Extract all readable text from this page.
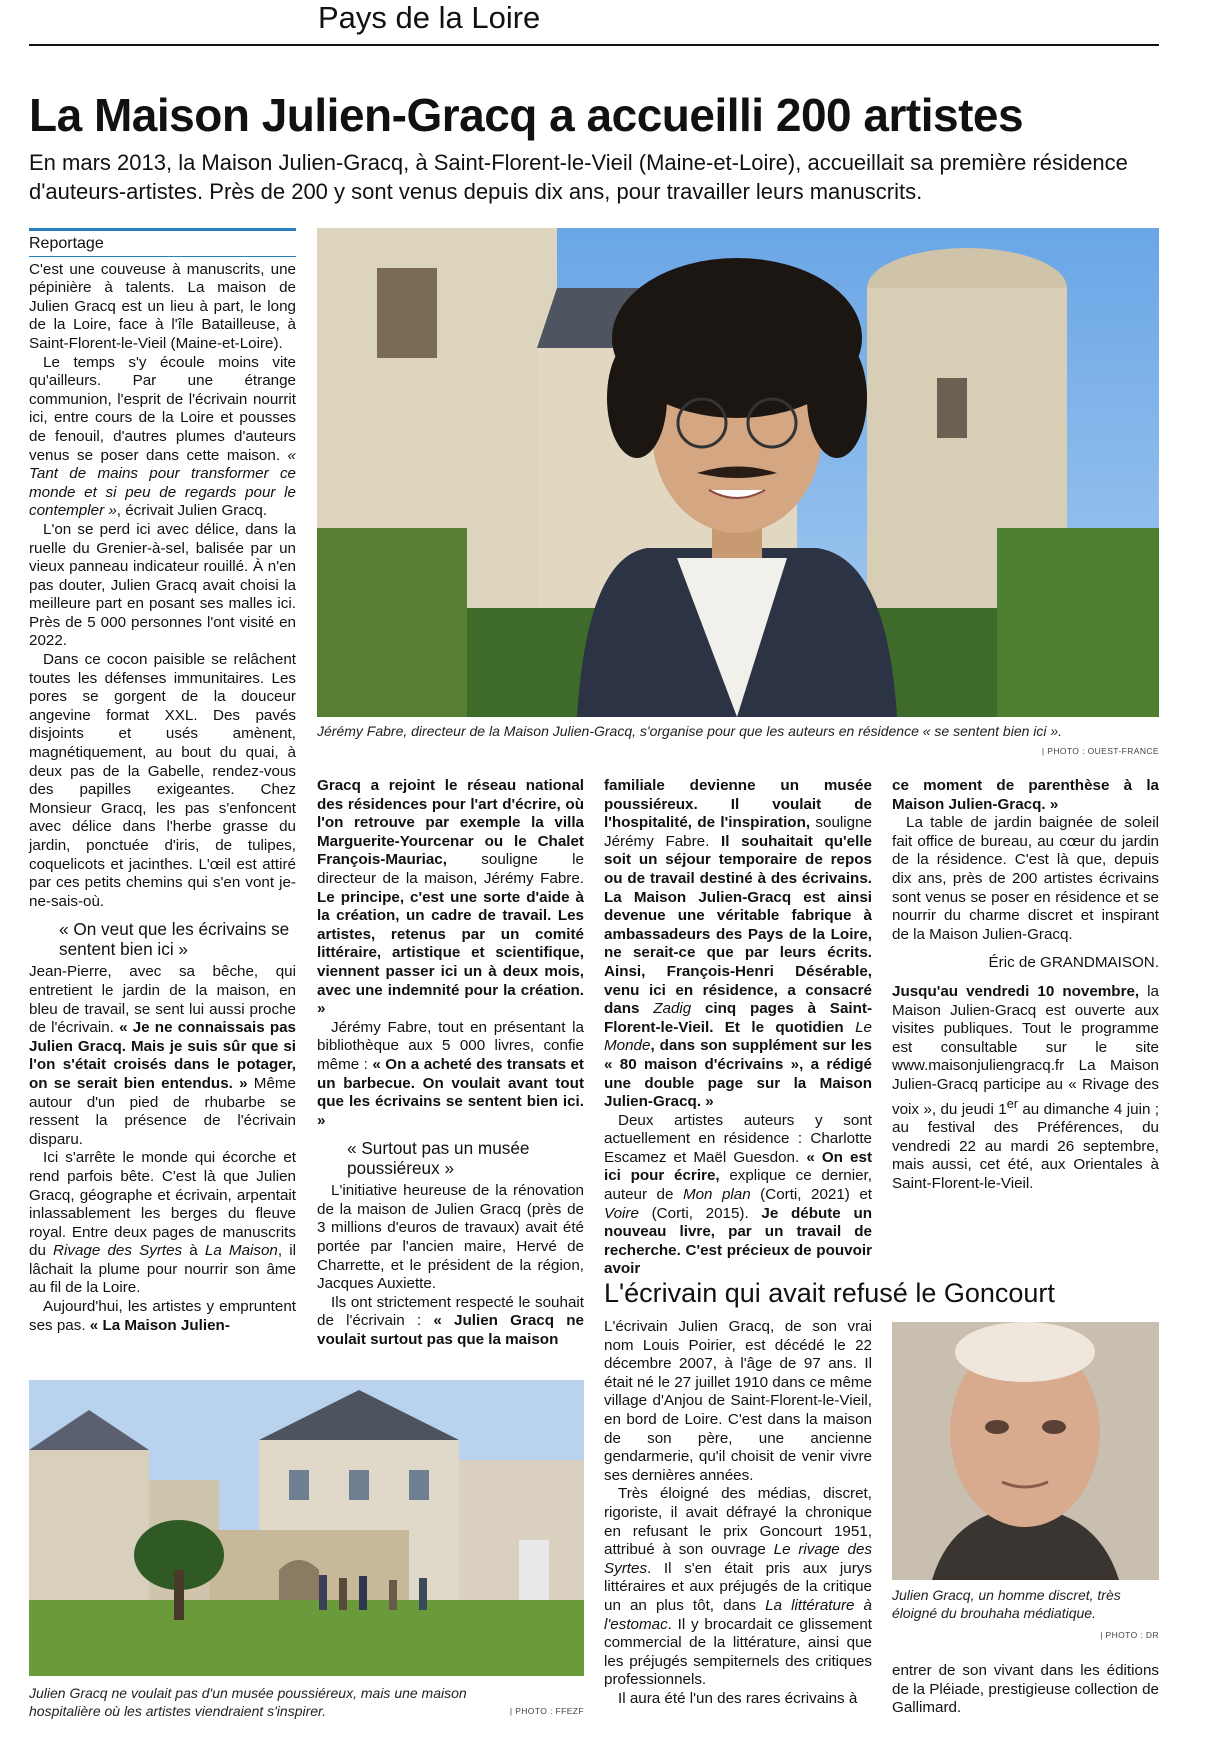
Pays de la Loire
La Maison Julien-Gracq a accueilli 200 artistes
En mars 2013, la Maison Julien-Gracq, à Saint-Florent-le-Vieil (Maine-et-Loire), accueillait sa première résidence d'auteurs-artistes. Près de 200 y sont venus depuis dix ans, pour travailler leurs manuscrits.
Reportage

C'est une couveuse à manuscrits, une pépinière à talents. La maison de Julien Gracq est un lieu à part, le long de la Loire, face à l'île Batailleuse, à Saint-Florent-le-Vieil (Maine-et-Loire).

Le temps s'y écoule moins vite qu'ailleurs. Par une étrange communion, l'esprit de l'écrivain nourrit ici, entre cours de la Loire et pousses de fenouil, d'autres plumes d'auteurs venus se poser dans cette maison. « Tant de mains pour transformer ce monde et si peu de regards pour le contempler », écrivait Julien Gracq.

L'on se perd ici avec délice, dans la ruelle du Grenier-à-sel, balisée par un vieux panneau indicateur rouillé. À n'en pas douter, Julien Gracq avait choisi la meilleure part en posant ses malles ici. Près de 5 000 personnes l'ont visité en 2022.

Dans ce cocon paisible se relâchent toutes les défenses immunitaires. Les pores se gorgent de la douceur angevine format XXL. Des pavés disjoints et usés amènent, magnétiquement, au bout du quai, à deux pas de la Gabelle, rendez-vous des papilles exigeantes. Chez Monsieur Gracq, les pas s'enfoncent avec délice dans l'herbe grasse du jardin, ponctuée d'iris, de tulipes, coquelicots et jacinthes. L'œil est attiré par ces petits chemins qui s'en vont je-ne-sais-où.

« On veut que les écrivains se sentent bien ici »

Jean-Pierre, avec sa bêche, qui entretient le jardin de la maison, en bleu de travail, se sent lui aussi proche de l'écrivain. « Je ne connaissais pas Julien Gracq. Mais je suis sûr que si l'on s'était croisés dans le potager, on se serait bien entendus. » Même autour d'un pied de rhubarbe se ressent la présence de l'écrivain disparu.

Ici s'arrête le monde qui écorche et rend parfois bête. C'est là que Julien Gracq, géographe et écrivain, arpentait inlassablement les berges du fleuve royal. Entre deux pages de manuscrits du Rivage des Syrtes à La Maison, il lâchait la plume pour nourrir son âme au fil de la Loire.

Aujourd'hui, les artistes y empruntent ses pas. « La Maison Julien-

Jérémy Fabre, directeur de la Maison Julien-Gracq, s'organise pour que les auteurs en résidence « se sentent bien ici ».
| PHOTO : OUEST-FRANCE

Gracq a rejoint le réseau national des résidences pour l'art d'écrire, où l'on retrouve par exemple la villa Marguerite-Yourcenar ou le Chalet François-Mauriac, souligne le directeur de la maison, Jérémy Fabre. Le principe, c'est une sorte d'aide à la création, un cadre de travail. Les artistes, retenus par un comité littéraire, artistique et scientifique, viennent passer ici un à deux mois, avec une indemnité pour la création. »

Jérémy Fabre, tout en présentant la bibliothèque aux 5 000 livres, confie même : « On a acheté des transats et un barbecue. On voulait avant tout que les écrivains se sentent bien ici. »

« Surtout pas un musée poussiéreux »

L'initiative heureuse de la rénovation de la maison de Julien Gracq (près de 3 millions d'euros de travaux) avait été portée par l'ancien maire, Hervé de Charrette, et le président de la région, Jacques Auxiette.

Ils ont strictement respecté le souhait de l'écrivain : « Julien Gracq ne voulait surtout pas que la maison

familiale devienne un musée poussiéreux. Il voulait de l'hospitalité, de l'inspiration, souligne Jérémy Fabre. Il souhaitait qu'elle soit un séjour temporaire de repos ou de travail destiné à des écrivains. La Maison Julien-Gracq est ainsi devenue une véritable fabrique à ambassadeurs des Pays de la Loire, ne serait-ce que par leurs écrits. Ainsi, François-Henri Désérable, venu ici en résidence, a consacré dans Zadig cinq pages à Saint-Florent-le-Vieil. Et le quotidien Le Monde, dans son supplément sur les « 80 maison d'écrivains », a rédigé une double page sur la Maison Julien-Gracq. »

Deux artistes auteurs y sont actuellement en résidence : Charlotte Escamez et Maël Guesdon. « On est ici pour écrire, explique ce dernier, auteur de Mon plan (Corti, 2021) et Voire (Corti, 2015). Je débute un nouveau livre, par un travail de recherche. C'est précieux de pouvoir avoir

ce moment de parenthèse à la Maison Julien-Gracq. »

La table de jardin baignée de soleil fait office de bureau, au cœur du jardin de la résidence. C'est là que, depuis dix ans, près de 200 artistes écrivains sont venus se poser en résidence et se nourrir du charme discret et inspirant de la Maison Julien-Gracq.

Éric de GRANDMAISON.

Jusqu'au vendredi 10 novembre, la Maison Julien-Gracq est ouverte aux visites publiques. Tout le programme est consultable sur le site www.maisonjuliengracq.fr La Maison Julien-Gracq participe au « Rivage des voix », du jeudi 1er au dimanche 4 juin ; au festival des Préférences, du vendredi 22 au mardi 26 septembre, mais aussi, cet été, aux Orientales à Saint-Florent-le-Vieil.

Julien Gracq ne voulait pas d'un musée poussiéreux, mais une maison hospitalière où les artistes viendraient s'inspirer.	| PHOTO : FFEZF
L'écrivain qui avait refusé le Goncourt

L'écrivain Julien Gracq, de son vrai nom Louis Poirier, est décédé le 22 décembre 2007, à l'âge de 97 ans. Il était né le 27 juillet 1910 dans ce même village d'Anjou de Saint-Florent-le-Vieil, en bord de Loire. C'est dans la maison de son père, une ancienne gendarmerie, qu'il choisit de venir vivre ses dernières années.

Très éloigné des médias, discret, rigoriste, il avait défrayé la chronique en refusant le prix Goncourt 1951, attribué à son ouvrage Le rivage des Syrtes. Il s'en était pris aux jurys littéraires et aux préjugés de la critique un an plus tôt, dans La littérature à l'estomac. Il y brocardait ce glissement commercial de la littérature, ainsi que les préjugés sempiternels des critiques professionnels.

Il aura été l'un des rares écrivains à

Julien Gracq, un homme discret, très éloigné du brouhaha médiatique.
| PHOTO : DR

entrer de son vivant dans les éditions de la Pléiade, prestigieuse collection de Gallimard.
